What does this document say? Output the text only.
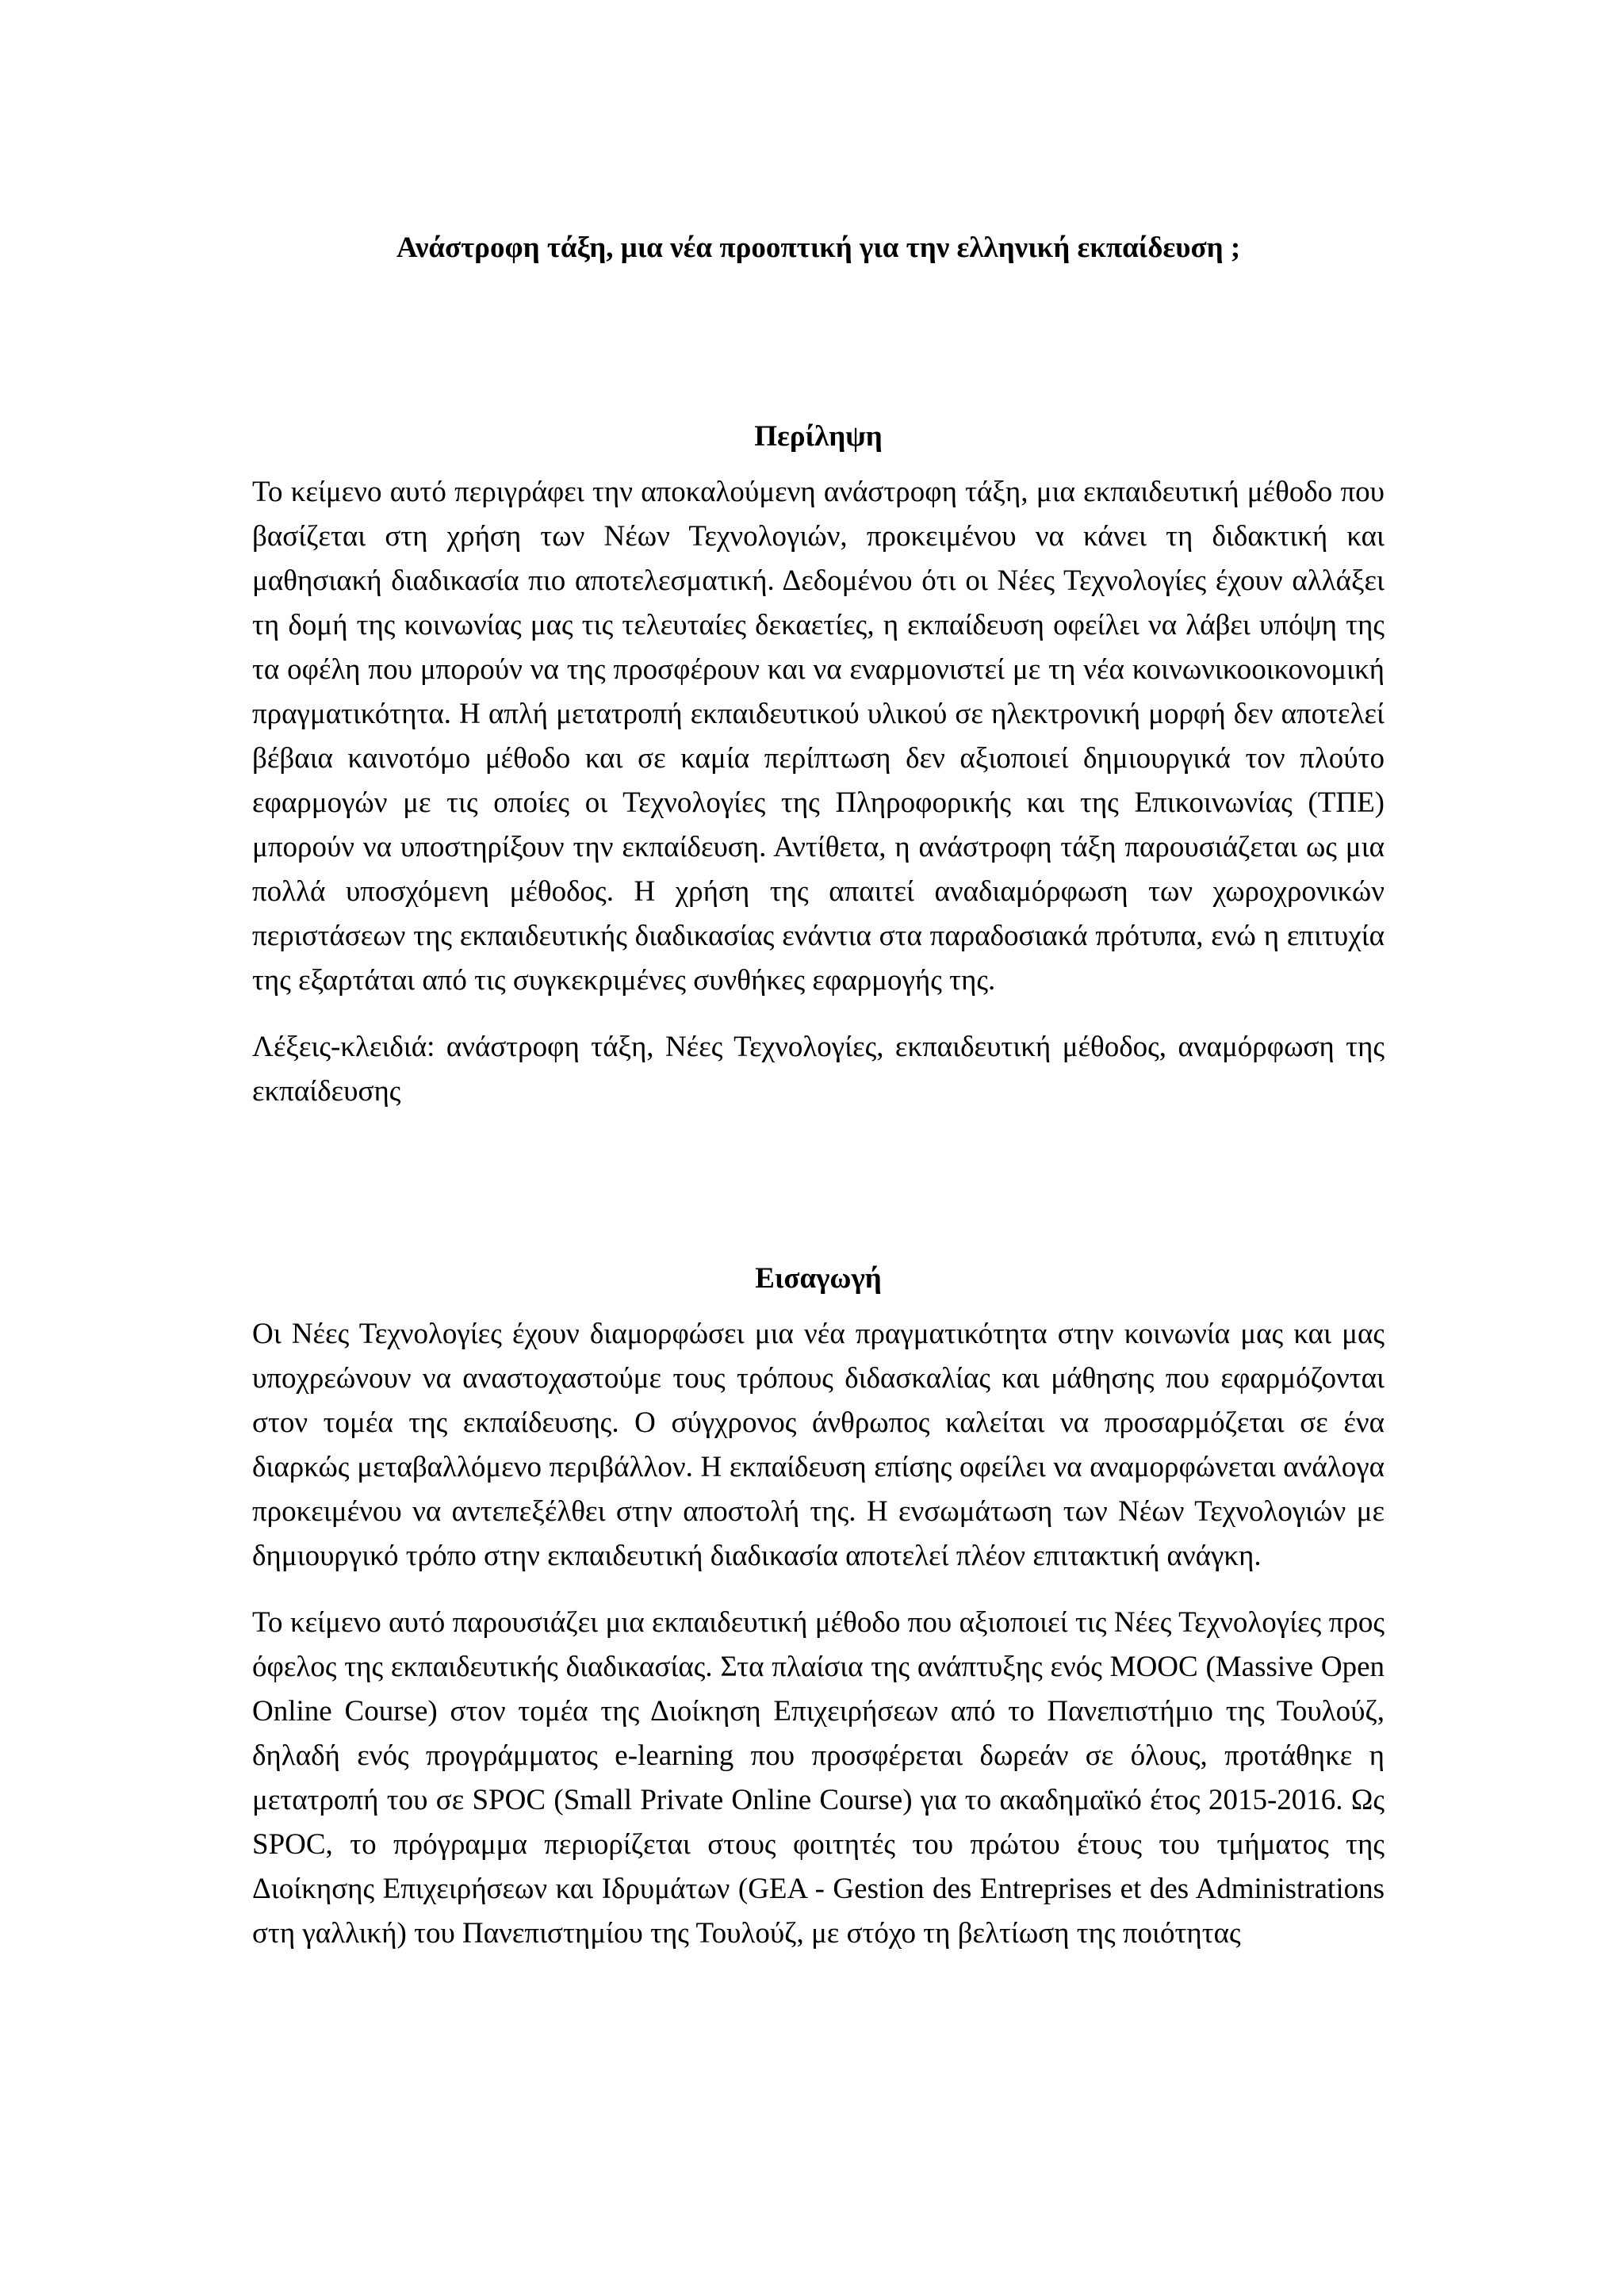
Ανάστροφη τάξη, μια νέα προοπτική για την ελληνική εκπαίδευση ;
Περίληψη

Το κείμενο αυτό περιγράφει την αποκαλούμενη ανάστροφη τάξη, μια εκπαιδευτική μέθοδο που βασίζεται στη χρήση των Νέων Τεχνολογιών, προκειμένου να κάνει τη διδακτική και μαθησιακή διαδικασία πιο αποτελεσματική. Δεδομένου ότι οι Νέες Τεχνολογίες έχουν αλλάξει τη δομή της κοινωνίας μας τις τελευταίες δεκαετίες, η εκπαίδευση οφείλει να λάβει υπόψη της τα οφέλη που μπορούν να της προσφέρουν και να εναρμονιστεί με τη νέα κοινωνικοοικονομική πραγματικότητα. Η απλή μετατροπή εκπαιδευτικού υλικού σε ηλεκτρονική μορφή δεν αποτελεί βέβαια καινοτόμο μέθοδο και σε καμία περίπτωση δεν αξιοποιεί δημιουργικά τον πλούτο εφαρμογών με τις οποίες οι Τεχνολογίες της Πληροφορικής και της Επικοινωνίας (ΤΠΕ) μπορούν να υποστηρίξουν την εκπαίδευση. Αντίθετα, η ανάστροφη τάξη παρουσιάζεται ως μια πολλά υποσχόμενη μέθοδος. Η χρήση της απαιτεί αναδιαμόρφωση των χωροχρονικών περιστάσεων της εκπαιδευτικής διαδικασίας ενάντια στα παραδοσιακά πρότυπα, ενώ η επιτυχία της εξαρτάται από τις συγκεκριμένες συνθήκες εφαρμογής της.

Λέξεις-κλειδιά: ανάστροφη τάξη, Νέες Τεχνολογίες, εκπαιδευτική μέθοδος, αναμόρφωση της εκπαίδευσης

Εισαγωγή

Οι Νέες Τεχνολογίες έχουν διαμορφώσει μια νέα πραγματικότητα στην κοινωνία μας και μας υποχρεώνουν να αναστοχαστούμε τους τρόπους διδασκαλίας και μάθησης που εφαρμόζονται στον τομέα της εκπαίδευσης. Ο σύγχρονος άνθρωπος καλείται να προσαρμόζεται σε ένα διαρκώς μεταβαλλόμενο περιβάλλον. Η εκπαίδευση επίσης οφείλει να αναμορφώνεται ανάλογα προκειμένου να αντεπεξέλθει στην αποστολή της. Η ενσωμάτωση των Νέων Τεχνολογιών με δημιουργικό τρόπο στην εκπαιδευτική διαδικασία αποτελεί πλέον επιτακτική ανάγκη.

Το κείμενο αυτό παρουσιάζει μια εκπαιδευτική μέθοδο που αξιοποιεί τις Νέες Τεχνολογίες προς όφελος της εκπαιδευτικής διαδικασίας. Στα πλαίσια της ανάπτυξης ενός MOOC (Massive Open Online Course) στον τομέα της Διοίκηση Επιχειρήσεων από το Πανεπιστήμιο της Τουλούζ, δηλαδή ενός προγράμματος e-learning που προσφέρεται δωρεάν σε όλους, προτάθηκε η μετατροπή του σε SPOC (Small Private Online Course) για το ακαδημαϊκό έτος 2015-2016. Ως SPOC, το πρόγραμμα περιορίζεται στους φοιτητές του πρώτου έτους του τμήματος της Διοίκησης Επιχειρήσεων και Ιδρυμάτων (GEA - Gestion des Entreprises et des Administrations στη γαλλική) του Πανεπιστημίου της Τουλούζ, με στόχο τη βελτίωση της ποιότητας
